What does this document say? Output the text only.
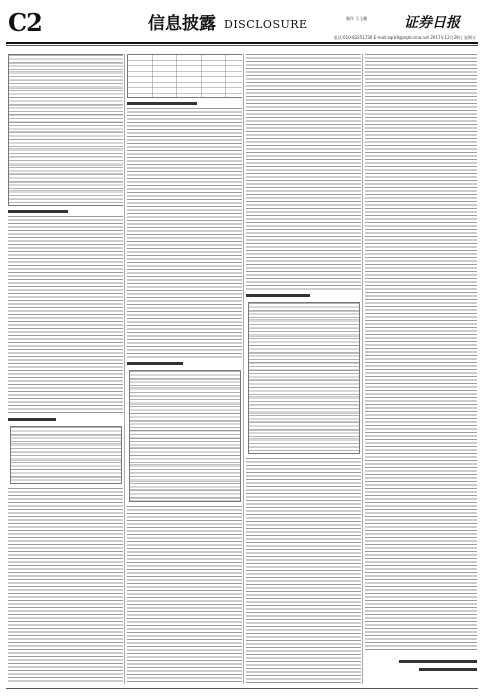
C2	信息披露 DISCLOSURE	制作 王玉鹏	证券日报
电话:010-83251730 E-mail:zqrb9@zqrb.sina.net 2017年12月29日 星期五
